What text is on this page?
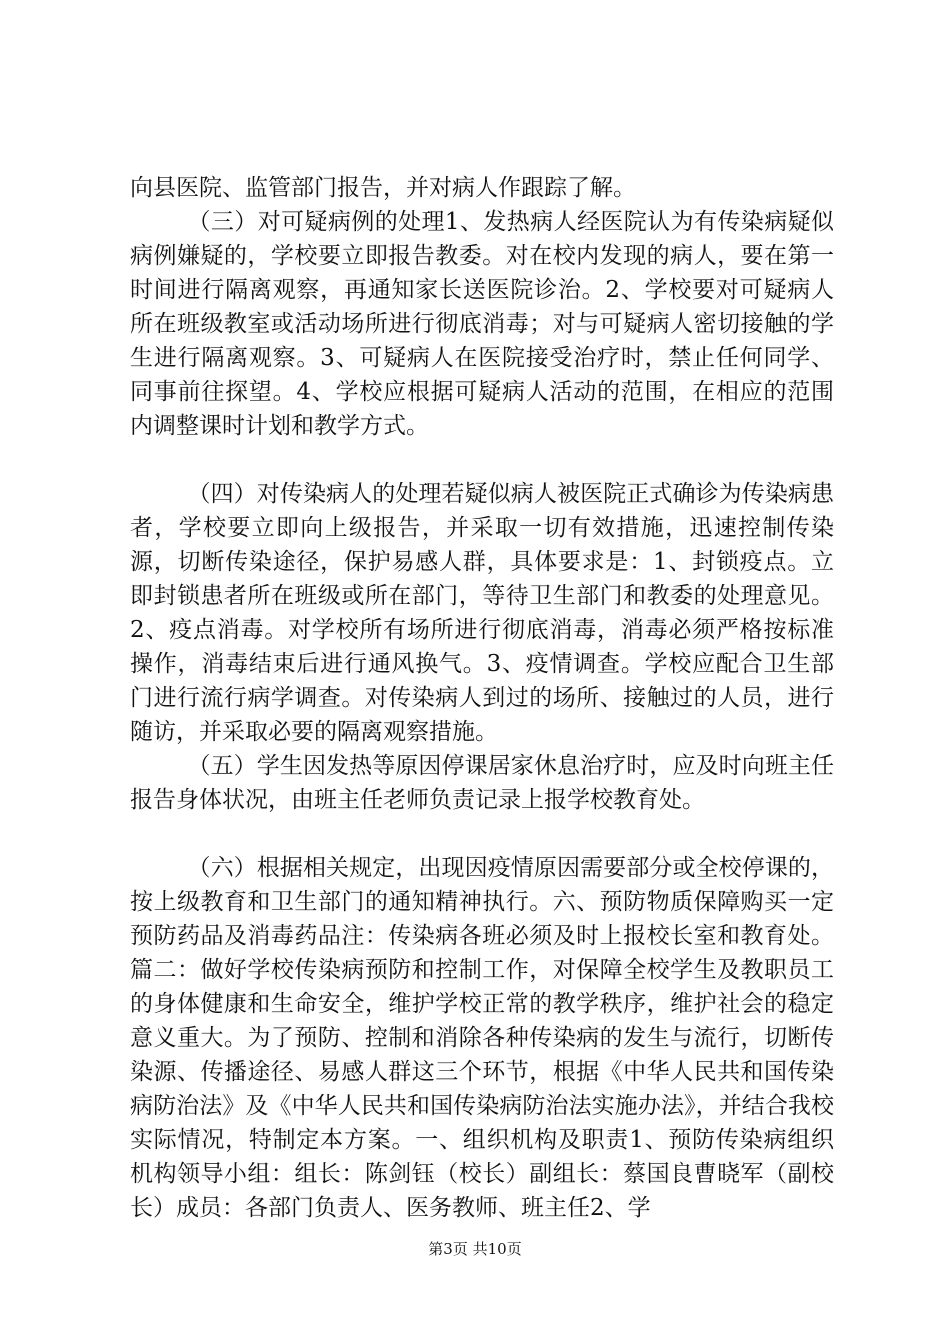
向县医院、监管部门报告，并对病人作跟踪了解。

（三）对可疑病例的处理1、发热病人经医院认为有传染病疑似病例嫌疑的，学校要立即报告教委。对在校内发现的病人，要在第一时间进行隔离观察，再通知家长送医院诊治。2、学校要对可疑病人所在班级教室或活动场所进行彻底消毒；对与可疑病人密切接触的学生进行隔离观察。3、可疑病人在医院接受治疗时，禁止任何同学、同事前往探望。4、学校应根据可疑病人活动的范围，在相应的范围内调整课时计划和教学方式。

（四）对传染病人的处理若疑似病人被医院正式确诊为传染病患者，学校要立即向上级报告，并采取一切有效措施，迅速控制传染源，切断传染途径，保护易感人群，具体要求是：1、封锁疫点。立即封锁患者所在班级或所在部门，等待卫生部门和教委的处理意见。2、疫点消毒。对学校所有场所进行彻底消毒，消毒必须严格按标准操作，消毒结束后进行通风换气。3、疫情调查。学校应配合卫生部门进行流行病学调查。对传染病人到过的场所、接触过的人员，进行随访，并采取必要的隔离观察措施。

（五）学生因发热等原因停课居家休息治疗时，应及时向班主任报告身体状况，由班主任老师负责记录上报学校教育处。

（六）根据相关规定，出现因疫情原因需要部分或全校停课的，按上级教育和卫生部门的通知精神执行。六、预防物质保障购买一定预防药品及消毒药品注：传染病各班必须及时上报校长室和教育处。篇二：做好学校传染病预防和控制工作，对保障全校学生及教职员工的身体健康和生命安全，维护学校正常的教学秩序，维护社会的稳定意义重大。为了预防、控制和消除各种传染病的发生与流行，切断传染源、传播途径、易感人群这三个环节，根据《中华人民共和国传染病防治法》及《中华人民共和国传染病防治法实施办法》，并结合我校实际情况，特制定本方案。一、组织机构及职责1、预防传染病组织机构领导小组：组长：陈剑钰（校长）副组长：蔡国良曹晓军（副校长）成员：各部门负责人、医务教师、班主任2、学

第3页 共10页
